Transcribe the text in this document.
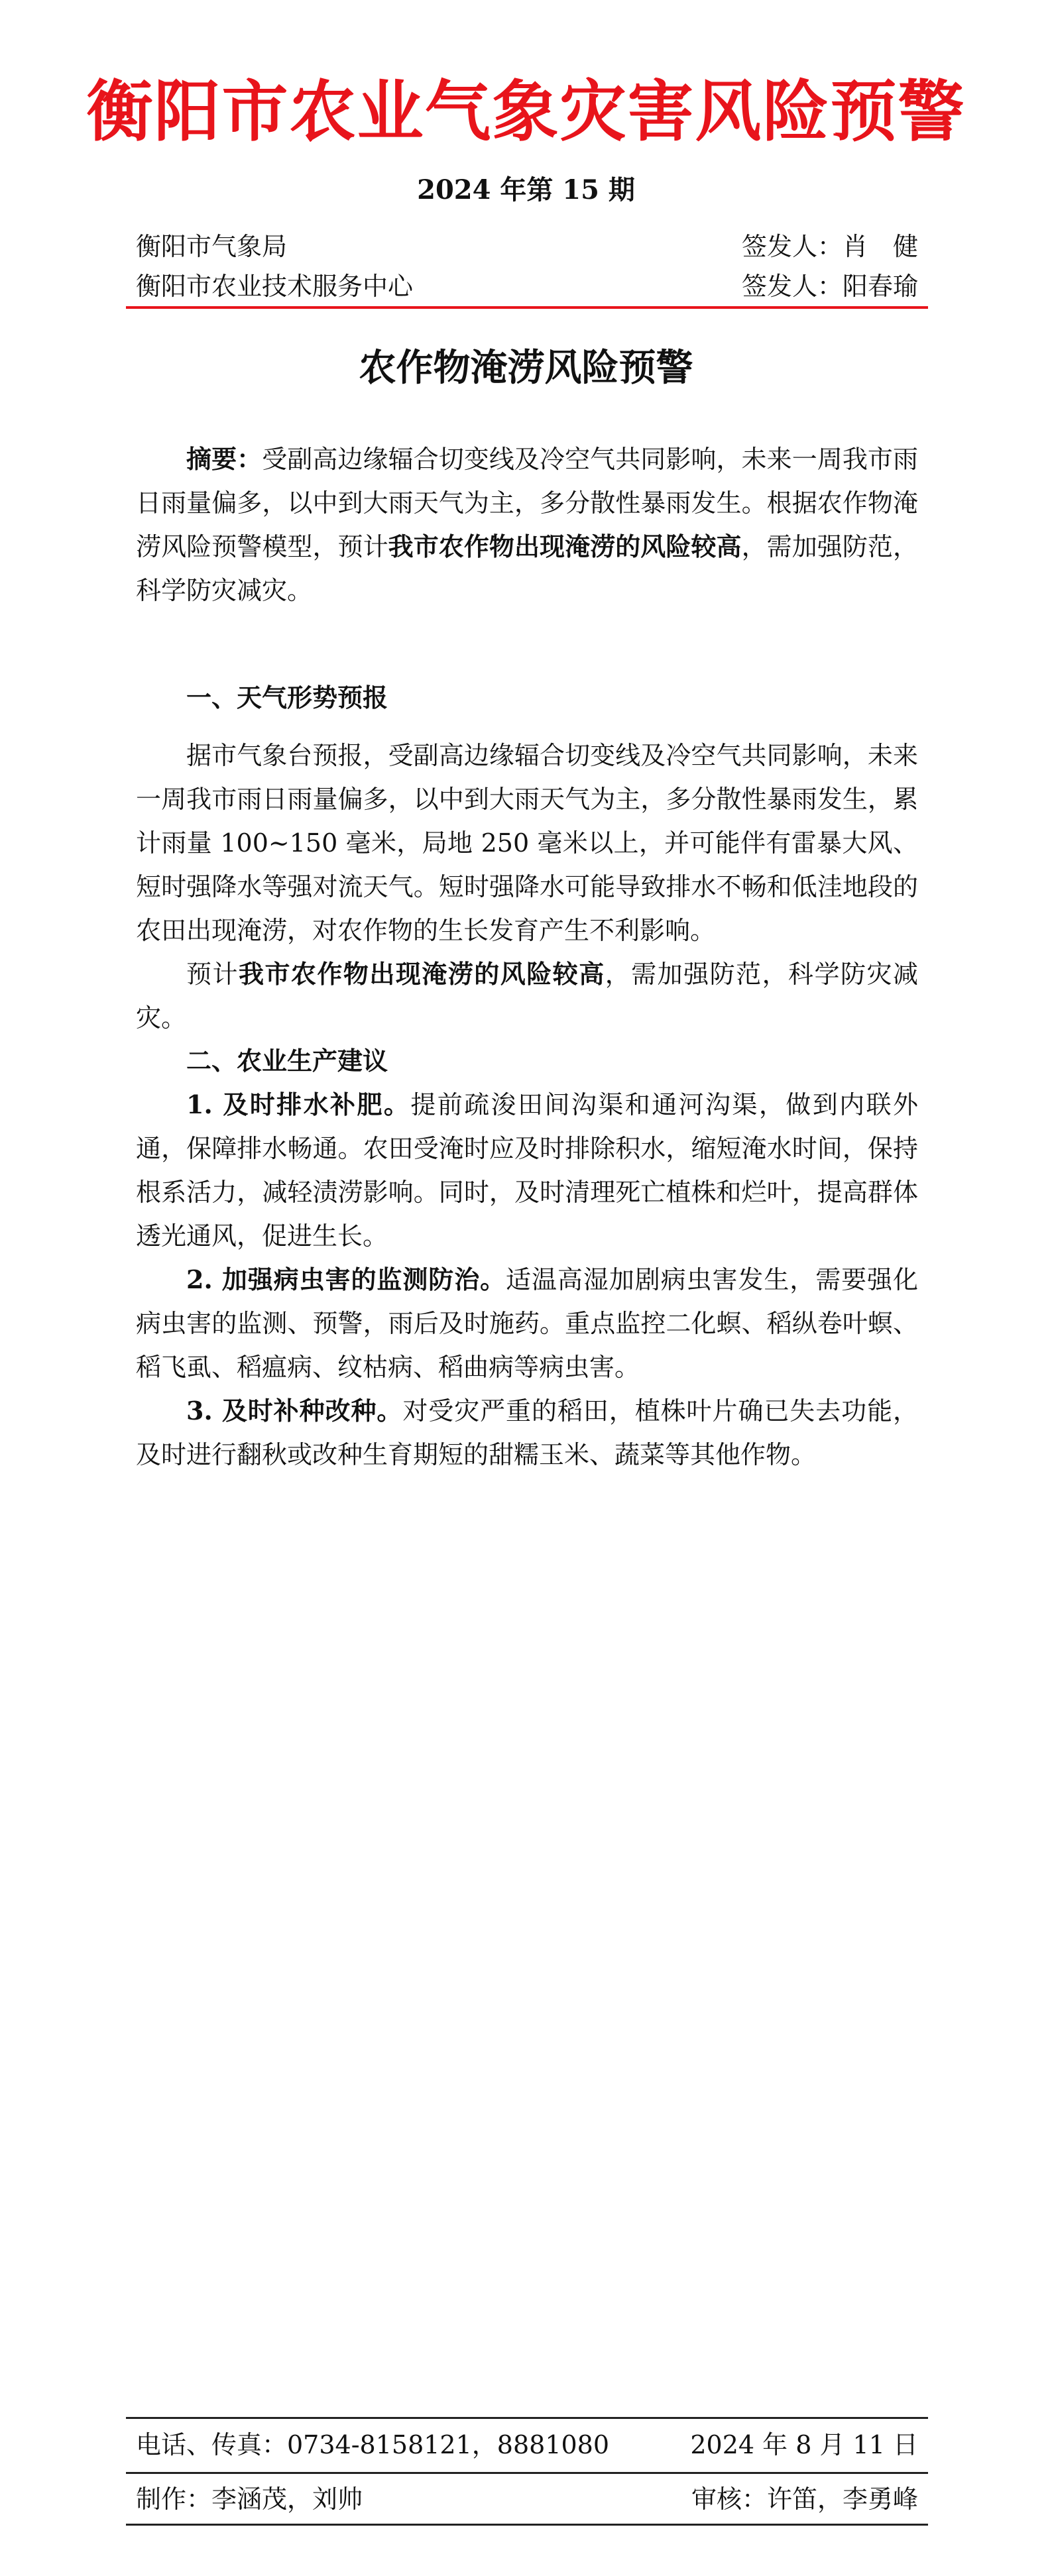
衡阳市农业气象灾害风险预警
2024 年第 15 期
衡阳市气象局	签发人：肖　健
衡阳市农业技术服务中心	签发人：阳春瑜
农作物淹涝风险预警
摘要：受副高边缘辐合切变线及冷空气共同影响，未来一周我市雨日雨量偏多，以中到大雨天气为主，多分散性暴雨发生。根据农作物淹涝风险预警模型，预计我市农作物出现淹涝的风险较高，需加强防范，科学防灾减灾。
一、天气形势预报
据市气象台预报，受副高边缘辐合切变线及冷空气共同影响，未来一周我市雨日雨量偏多，以中到大雨天气为主，多分散性暴雨发生，累计雨量 100~150 毫米，局地 250 毫米以上，并可能伴有雷暴大风、短时强降水等强对流天气。短时强降水可能导致排水不畅和低洼地段的农田出现淹涝，对农作物的生长发育产生不利影响。
预计我市农作物出现淹涝的风险较高，需加强防范，科学防灾减灾。
二、农业生产建议
1. 及时排水补肥。提前疏浚田间沟渠和通河沟渠，做到内联外通，保障排水畅通。农田受淹时应及时排除积水，缩短淹水时间，保持根系活力，减轻渍涝影响。同时，及时清理死亡植株和烂叶，提高群体透光通风，促进生长。
2. 加强病虫害的监测防治。适温高湿加剧病虫害发生，需要强化病虫害的监测、预警，雨后及时施药。重点监控二化螟、稻纵卷叶螟、稻飞虱、稻瘟病、纹枯病、稻曲病等病虫害。
3. 及时补种改种。对受灾严重的稻田，植株叶片确已失去功能，及时进行翻秋或改种生育期短的甜糯玉米、蔬菜等其他作物。
电话、传真：0734-8158121，8881080	2024 年 8 月 11 日
制作：李涵茂，刘帅	审核：许笛，李勇峰
